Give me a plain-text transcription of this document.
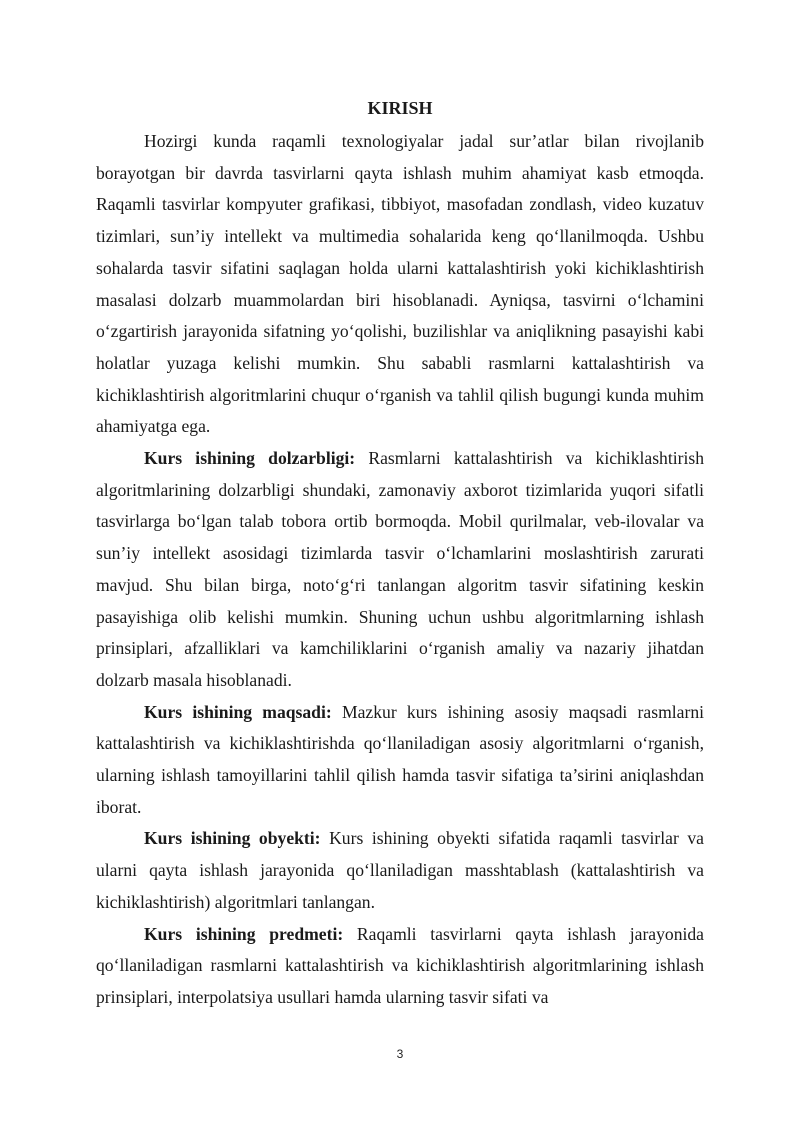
KIRISH

Hozirgi kunda raqamli texnologiyalar jadal sur’atlar bilan rivojlanib borayotgan bir davrda tasvirlarni qayta ishlash muhim ahamiyat kasb etmoqda. Raqamli tasvirlar kompyuter grafikasi, tibbiyot, masofadan zondlash, video kuzatuv tizimlari, sun’iy intellekt va multimedia sohalarida keng qo‘llanilmoqda. Ushbu sohalarda tasvir sifatini saqlagan holda ularni kattalashtirish yoki kichiklashtirish masalasi dolzarb muammolardan biri hisoblanadi. Ayniqsa, tasvirni o‘lchamini o‘zgartirish jarayonida sifatning yo‘qolishi, buzilishlar va aniqlikning pasayishi kabi holatlar yuzaga kelishi mumkin. Shu sababli rasmlarni kattalashtirish va kichiklashtirish algoritmlarini chuqur o‘rganish va tahlil qilish bugungi kunda muhim ahamiyatga ega.

Kurs ishining dolzarbligi: Rasmlarni kattalashtirish va kichiklashtirish algoritmlarining dolzarbligi shundaki, zamonaviy axborot tizimlarida yuqori sifatli tasvirlarga bo‘lgan talab tobora ortib bormoqda. Mobil qurilmalar, veb-ilovalar va sun’iy intellekt asosidagi tizimlarda tasvir o‘lchamlarini moslashtirish zarurati mavjud. Shu bilan birga, noto‘g‘ri tanlangan algoritm tasvir sifatining keskin pasayishiga olib kelishi mumkin. Shuning uchun ushbu algoritmlarning ishlash prinsiplari, afzalliklari va kamchiliklarini o‘rganish amaliy va nazariy jihatdan dolzarb masala hisoblanadi.

Kurs ishining maqsadi: Mazkur kurs ishining asosiy maqsadi rasmlarni kattalashtirish va kichiklashtirishda qo‘llaniladigan asosiy algoritmlarni o‘rganish, ularning ishlash tamoyillarini tahlil qilish hamda tasvir sifatiga ta’sirini aniqlashdan iborat.

Kurs ishining obyekti: Kurs ishining obyekti sifatida raqamli tasvirlar va ularni qayta ishlash jarayonida qo‘llaniladigan masshtablash (kattalashtirish va kichiklashtirish) algoritmlari tanlangan.

Kurs ishining predmeti: Raqamli tasvirlarni qayta ishlash jarayonida qo‘llaniladigan rasmlarni kattalashtirish va kichiklashtirish algoritmlarining ishlash prinsiplari, interpolatsiya usullari hamda ularning tasvir sifati va

3
